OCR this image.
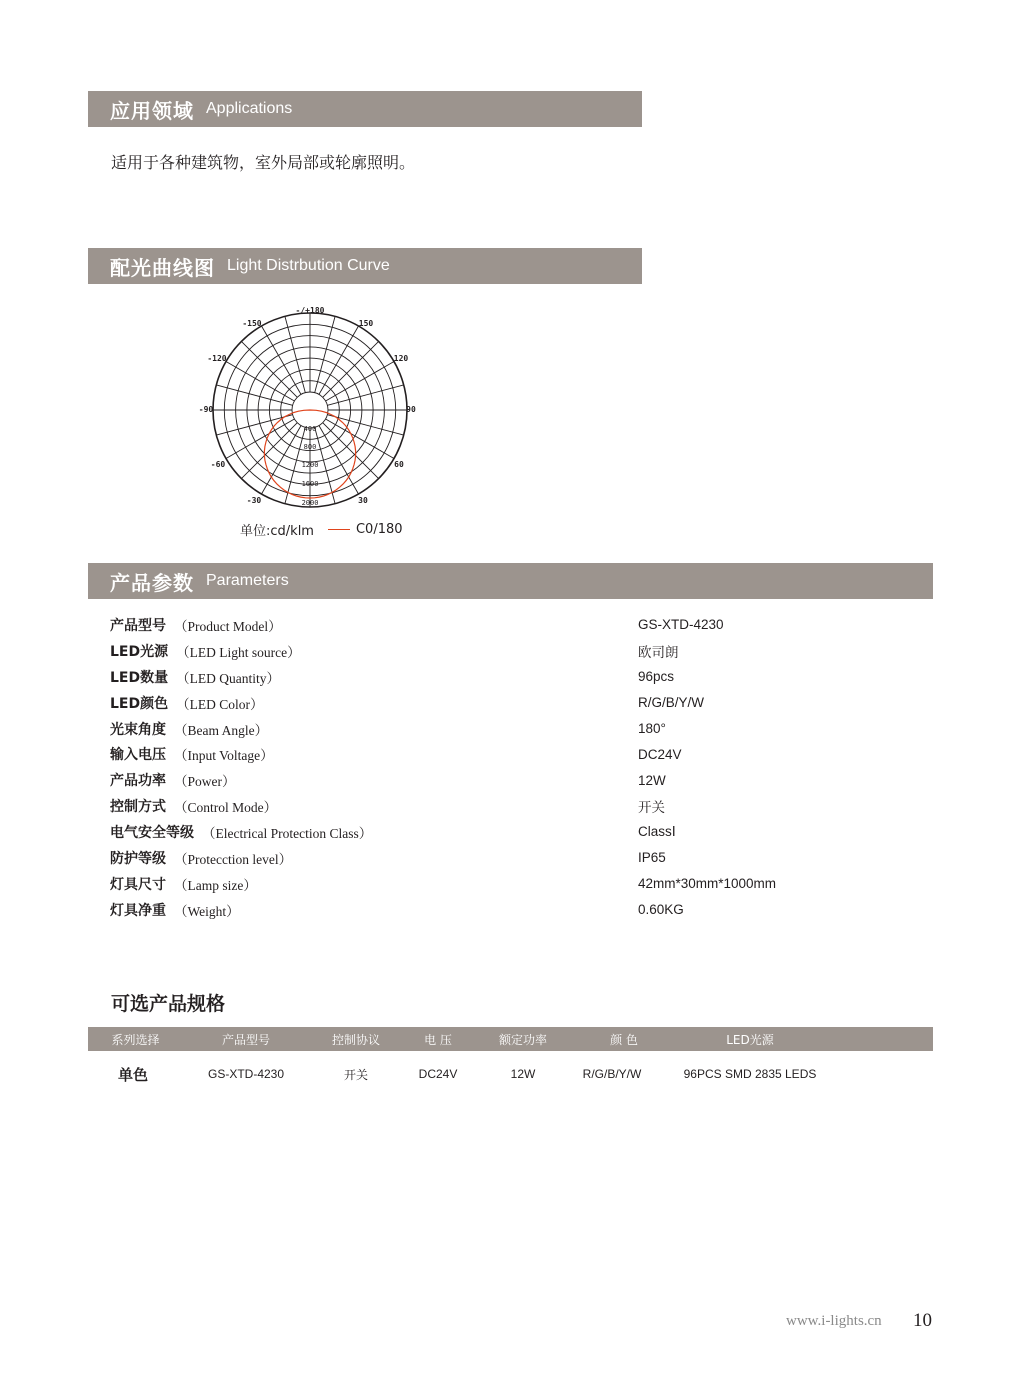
应用领域 Applications
适用于各种建筑物，室外局部或轮廓照明。
配光曲线图 Light Distrbution Curve
-/+180
-150	150
-120	120
-90	90
-60	60
-30	30
400
800
1200
1600
2000
单位:cd/klm	C0/180
产品参数 Parameters
产品型号 （Product Model）	GS-XTD-4230
LED光源 （LED Light source）	欧司朗
LED数量 （LED Quantity）	96pcs
LED颜色 （LED Color）	R/G/B/Y/W
光束角度 （Beam Angle）	180°
输入电压 （Input Voltage）	DC24V
产品功率 （Power）	12W
控制方式 （Control Mode）	开关
电气安全等级 （Electrical Protection Class）	ClassⅠ
防护等级 （Protecction level）	IP65
灯具尺寸 （Lamp size）	42mm*30mm*1000mm
灯具净重 （Weight）	0.60KG
可选产品规格
系列选择	产品型号	控制协议	电 压	额定功率	颜 色	LED光源
单色	GS-XTD-4230	开关	DC24V	12W	R/G/B/Y/W	96PCS SMD 2835 LEDS
www.i-lights.cn 10
